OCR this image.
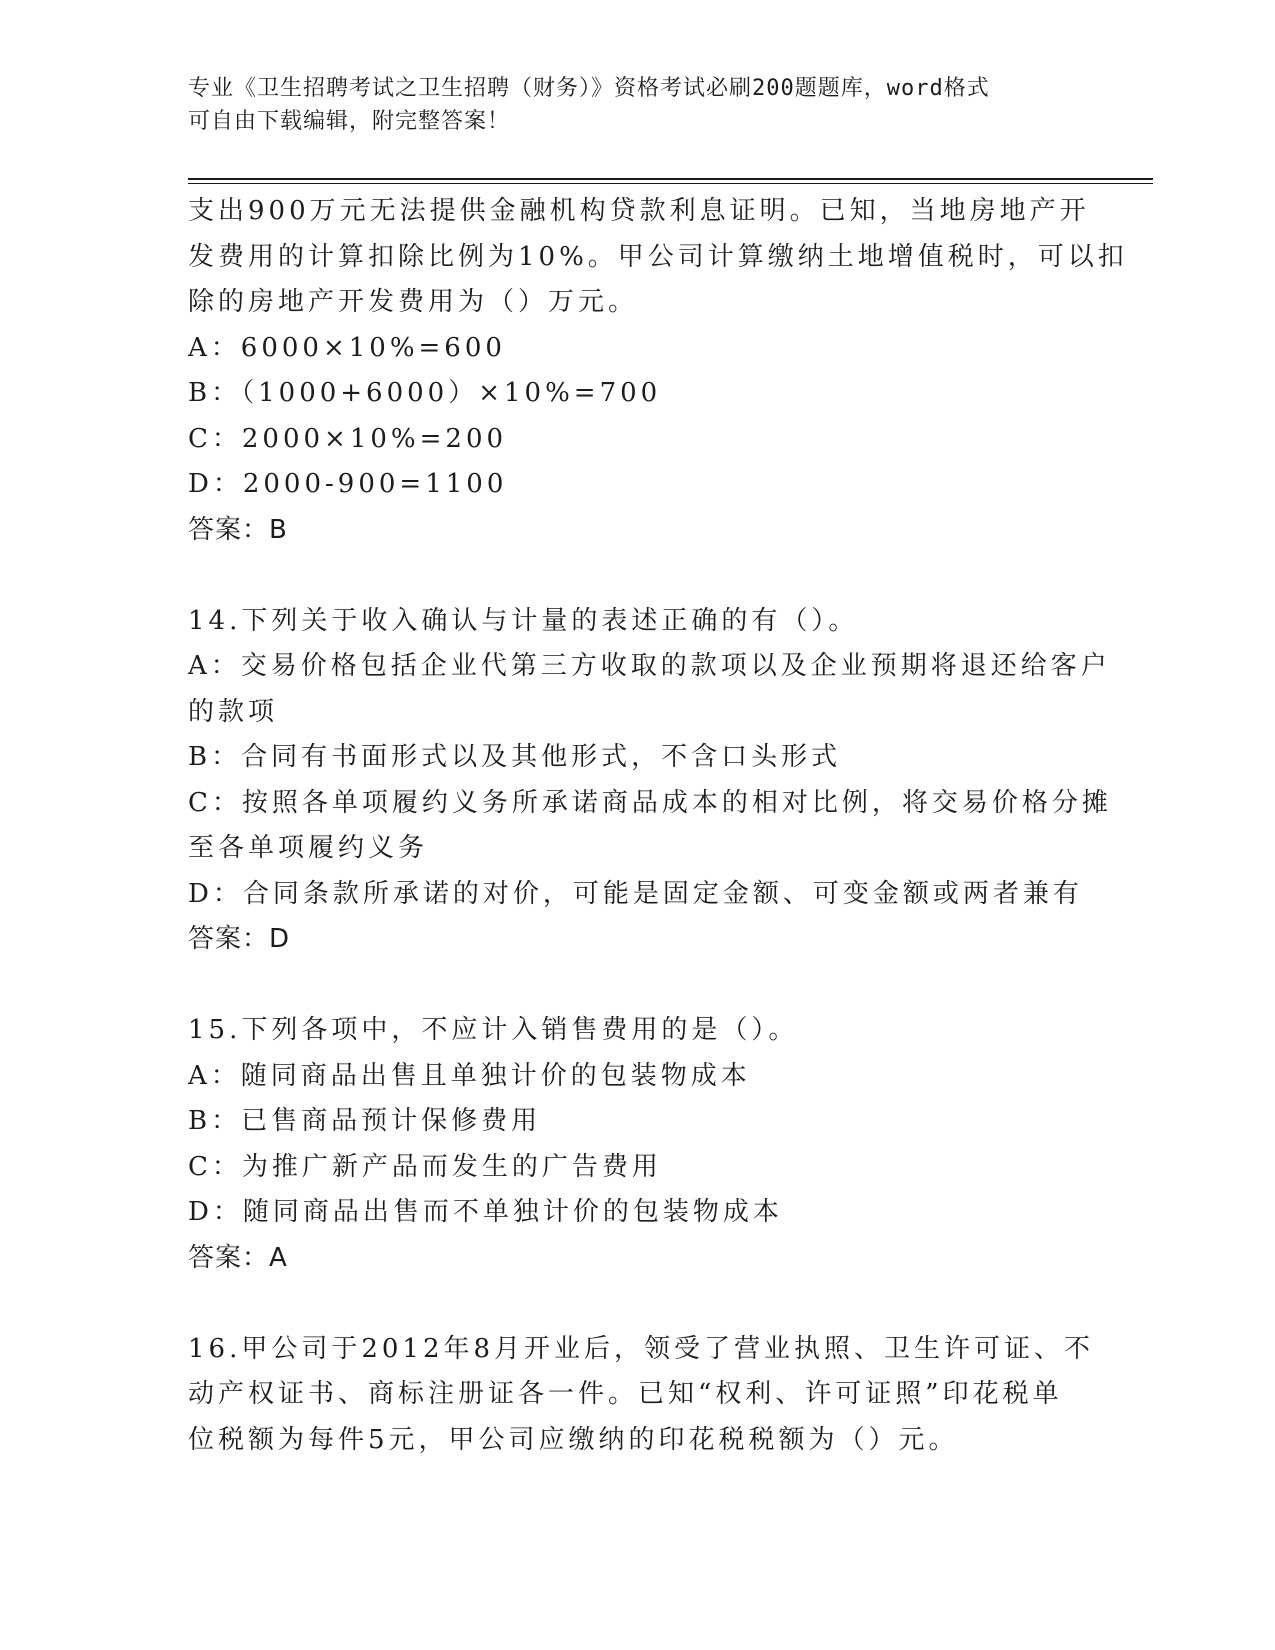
专业《卫生招聘考试之卫生招聘（财务）》资格考试必刷200题题库，word格式
可自由下载编辑，附完整答案！
支出900万元无法提供金融机构贷款利息证明。已知，当地房地产开
发费用的计算扣除比例为10%。甲公司计算缴纳土地增值税时，可以扣
除的房地产开发费用为（）万元。
A：6000×10%=600
B：（1000+6000）×10%=700
C：2000×10%=200
D：2000-900=1100
答案：B
14.下列关于收入确认与计量的表述正确的有（）。
A：交易价格包括企业代第三方收取的款项以及企业预期将退还给客户
的款项
B：合同有书面形式以及其他形式，不含口头形式
C：按照各单项履约义务所承诺商品成本的相对比例，将交易价格分摊
至各单项履约义务
D：合同条款所承诺的对价，可能是固定金额、可变金额或两者兼有
答案：D
15.下列各项中，不应计入销售费用的是（）。
A：随同商品出售且单独计价的包装物成本
B：已售商品预计保修费用
C：为推广新产品而发生的广告费用
D：随同商品出售而不单独计价的包装物成本
答案：A
16.甲公司于2012年8月开业后，领受了营业执照、卫生许可证、不
动产权证书、商标注册证各一件。已知“权利、许可证照”印花税单
位税额为每件5元，甲公司应缴纳的印花税税额为（）元。
